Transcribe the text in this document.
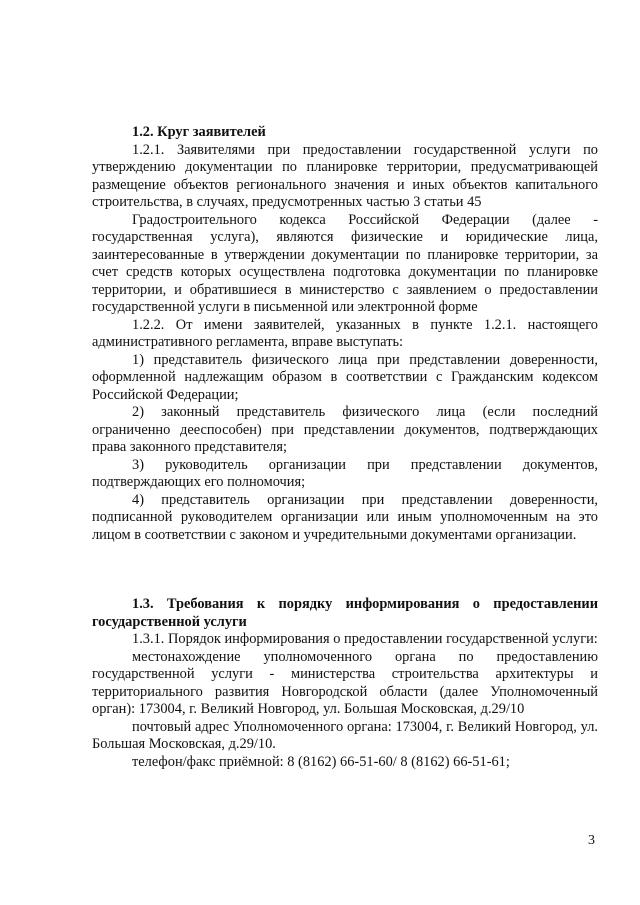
1.2. Круг заявителей

1.2.1. Заявителями при предоставлении государственной услуги по утверждению документации по планировке территории, предусматривающей размещение объектов регионального значения и иных объектов капитального строительства, в случаях, предусмотренных частью 3 статьи 45

Градостроительного кодекса Российской Федерации (далее - государственная услуга), являются физические и юридические лица, заинтересованные в утверждении документации по планировке территории, за счет средств которых осуществлена подготовка документации по планировке территории, и обратившиеся в министерство с заявлением о предоставлении государственной услуги в письменной или электронной форме

1.2.2. От имени заявителей, указанных в пункте 1.2.1. настоящего административного регламента, вправе выступать:

1) представитель физического лица при представлении доверенности, оформленной надлежащим образом в соответствии с Гражданским кодексом Российской Федерации;

2) законный представитель физического лица (если последний ограниченно дееспособен) при представлении документов, подтверждающих права законного представителя;

3) руководитель организации при представлении документов, подтверждающих его полномочия;

4) представитель организации при представлении доверенности, подписанной руководителем организации или иным уполномоченным на это лицом в соответствии с законом и учредительными документами организации.

1.3. Требования к порядку информирования о предоставлении государственной услуги

1.3.1. Порядок информирования о предоставлении государственной услуги:

местонахождение уполномоченного органа по предоставлению государственной услуги - министерства строительства архитектуры и территориального развития Новгородской области (далее Уполномоченный орган): 173004, г. Великий Новгород, ул. Большая Московская, д.29/10

почтовый адрес Уполномоченного органа: 173004, г. Великий Новгород, ул. Большая Московская, д.29/10.

телефон/факс приёмной: 8 (8162) 66-51-60/ 8 (8162) 66-51-61;

3
